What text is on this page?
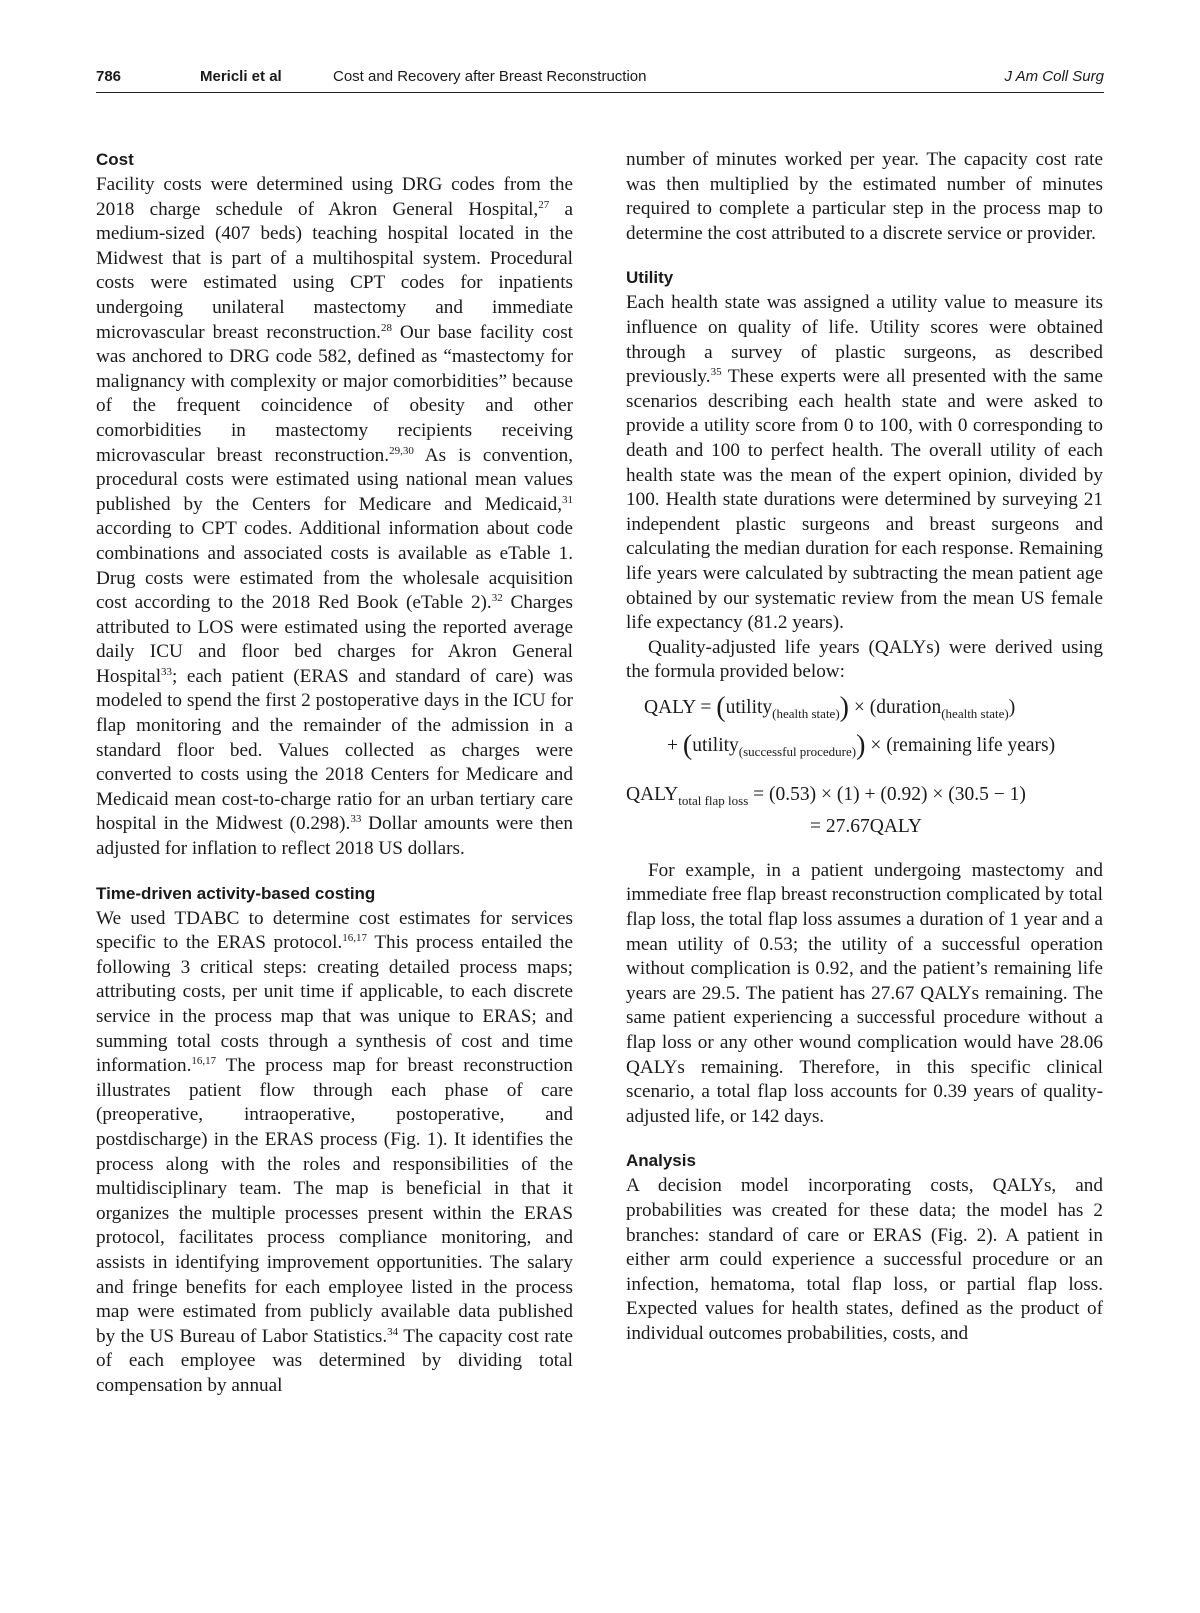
786	Mericli et al	Cost and Recovery after Breast Reconstruction	J Am Coll Surg
Cost

Facility costs were determined using DRG codes from the 2018 charge schedule of Akron General Hospital,$^{27}$ a medium-sized (407 beds) teaching hospital located in the Midwest that is part of a multihospital system. Procedural costs were estimated using CPT codes for inpatients undergoing unilateral mastectomy and immediate microvascular breast reconstruction.$^{28}$ Our base facility cost was anchored to DRG code 582, defined as “mastectomy for malignancy with complexity or major comorbidities” because of the frequent coincidence of obesity and other comorbidities in mastectomy recipients receiving microvascular breast reconstruction.$^{29,30}$ As is convention, procedural costs were estimated using national mean values published by the Centers for Medicare and Medicaid,$^{31}$ according to CPT codes. Additional information about code combinations and associated costs is available as eTable 1. Drug costs were estimated from the wholesale acquisition cost according to the 2018 Red Book (eTable 2).$^{32}$ Charges attributed to LOS were estimated using the reported average daily ICU and floor bed charges for Akron General Hospital$^{33}$; each patient (ERAS and standard of care) was modeled to spend the first 2 postoperative days in the ICU for flap monitoring and the remainder of the admission in a standard floor bed. Values collected as charges were converted to costs using the 2018 Centers for Medicare and Medicaid mean cost-to-charge ratio for an urban tertiary care hospital in the Midwest (0.298).$^{33}$ Dollar amounts were then adjusted for inflation to reflect 2018 US dollars.

Time-driven activity-based costing

We used TDABC to determine cost estimates for services specific to the ERAS protocol.$^{16,17}$ This process entailed the following 3 critical steps: creating detailed process maps; attributing costs, per unit time if applicable, to each discrete service in the process map that was unique to ERAS; and summing total costs through a synthesis of cost and time information.$^{16,17}$ The process map for breast reconstruction illustrates patient flow through each phase of care (preoperative, intraoperative, postoperative, and postdischarge) in the ERAS process (Fig. 1). It identifies the process along with the roles and responsibilities of the multidisciplinary team. The map is beneficial in that it organizes the multiple processes present within the ERAS protocol, facilitates process compliance monitoring, and assists in identifying improvement opportunities. The salary and fringe benefits for each employee listed in the process map were estimated from publicly available data published by the US Bureau of Labor Statistics.$^{34}$ The capacity cost rate of each employee was determined by dividing total compensation by annual

number of minutes worked per year. The capacity cost rate was then multiplied by the estimated number of minutes required to complete a particular step in the process map to determine the cost attributed to a discrete service or provider.

Utility

Each health state was assigned a utility value to measure its influence on quality of life. Utility scores were obtained through a survey of plastic surgeons, as described previously.$^{35}$ These experts were all presented with the same scenarios describing each health state and were asked to provide a utility score from 0 to 100, with 0 corresponding to death and 100 to perfect health. The overall utility of each health state was the mean of the expert opinion, divided by 100. Health state durations were determined by surveying 21 independent plastic surgeons and breast surgeons and calculating the median duration for each response. Remaining life years were calculated by subtracting the mean patient age obtained by our systematic review from the mean US female life expectancy (81.2 years).

Quality-adjusted life years (QALYs) were derived using the formula provided below:

QALY = (utility$_{(health state)}$) × (duration$_{(health state)}$)
+ (utility$_{(successful procedure)}$) × (remaining life years)
$QALY_{total flap loss} = (0.53) \times (1) + (0.92) \times (30.5 - 1)$
= 27.67QALY

For example, in a patient undergoing mastectomy and immediate free flap breast reconstruction complicated by total flap loss, the total flap loss assumes a duration of 1 year and a mean utility of 0.53; the utility of a successful operation without complication is 0.92, and the patient’s remaining life years are 29.5. The patient has 27.67 QALYs remaining. The same patient experiencing a successful procedure without a flap loss or any other wound complication would have 28.06 QALYs remaining. Therefore, in this specific clinical scenario, a total flap loss accounts for 0.39 years of quality-adjusted life, or 142 days.

Analysis

A decision model incorporating costs, QALYs, and probabilities was created for these data; the model has 2 branches: standard of care or ERAS (Fig. 2). A patient in either arm could experience a successful procedure or an infection, hematoma, total flap loss, or partial flap loss. Expected values for health states, defined as the product of individual outcomes probabilities, costs, and
